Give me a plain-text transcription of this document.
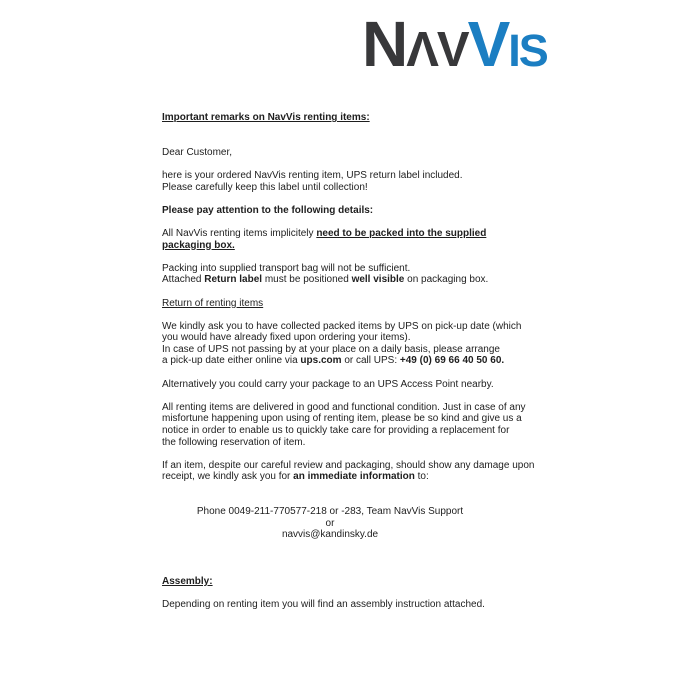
NΛVVIS
Important remarks on NavVis renting items:
Dear Customer,
here is your ordered NavVis renting item, UPS return label included.
Please carefully keep this label until collection!
Please pay attention to the following details:
All NavVis renting items implicitely need to be packed into the supplied
packaging box.
Packing into supplied transport bag will not be sufficient.
Attached Return label must be positioned well visible on packaging box.
Return of renting items
We kindly ask you to have collected packed items by UPS on pick-up date (which
you would have already fixed upon ordering your items).
In case of UPS not passing by at your place on a daily basis, please arrange
a pick-up date either online via ups.com or call UPS: +49 (0) 69 66 40 50 60.
Alternatively you could carry your package to an UPS Access Point nearby.
All renting items are delivered in good and functional condition. Just in case of any
misfortune happening upon using of renting item, please be so kind and give us a
notice in order to enable us to quickly take care for providing a replacement for
the following reservation of item.
If an item, despite our careful review and packaging, should show any damage upon
receipt, we kindly ask you for an immediate information to:
Phone 0049-211-770577-218 or -283, Team NavVis Support
or
navvis@kandinsky.de
Assembly:
Depending on renting item you will find an assembly instruction attached.
